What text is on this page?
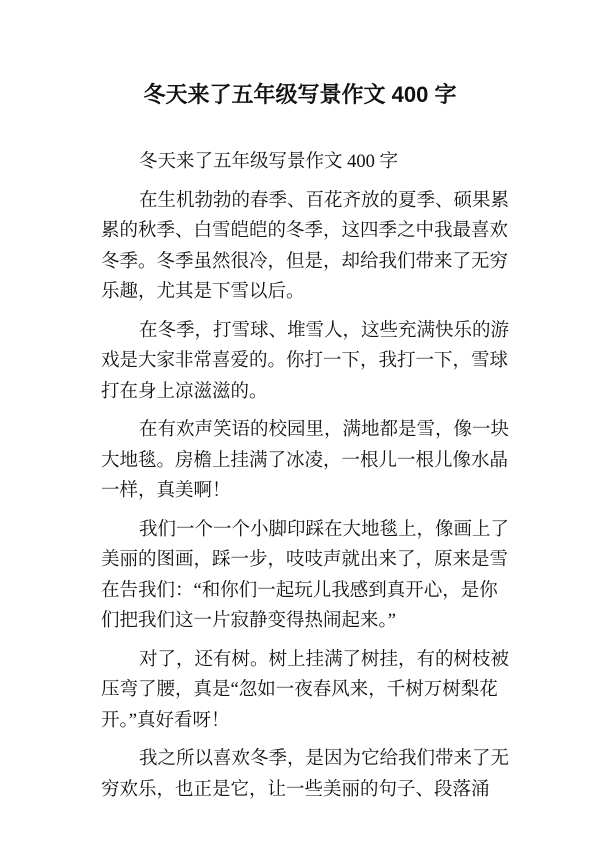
冬天来了五年级写景作文 400 字
冬天来了五年级写景作文 400 字
在生机勃勃的春季、百花齐放的夏季、硕果累
累的秋季、白雪皑皑的冬季，这四季之中我最喜欢
冬季。冬季虽然很冷，但是，却给我们带来了无穷
乐趣，尤其是下雪以后。
在冬季，打雪球、堆雪人，这些充满快乐的游
戏是大家非常喜爱的。你打一下，我打一下，雪球
打在身上凉滋滋的。
在有欢声笑语的校园里，满地都是雪，像一块
大地毯。房檐上挂满了冰凌，一根儿一根儿像水晶
一样，真美啊！
我们一个一个小脚印踩在大地毯上，像画上了
美丽的图画，踩一步，吱吱声就出来了，原来是雪
在告我们：“和你们一起玩儿我感到真开心，是你
们把我们这一片寂静变得热闹起来。”
对了，还有树。树上挂满了树挂，有的树枝被
压弯了腰，真是“忽如一夜春风来，千树万树梨花
开。”真好看呀！
我之所以喜欢冬季，是因为它给我们带来了无
穷欢乐，也正是它，让一些美丽的句子、段落涌
